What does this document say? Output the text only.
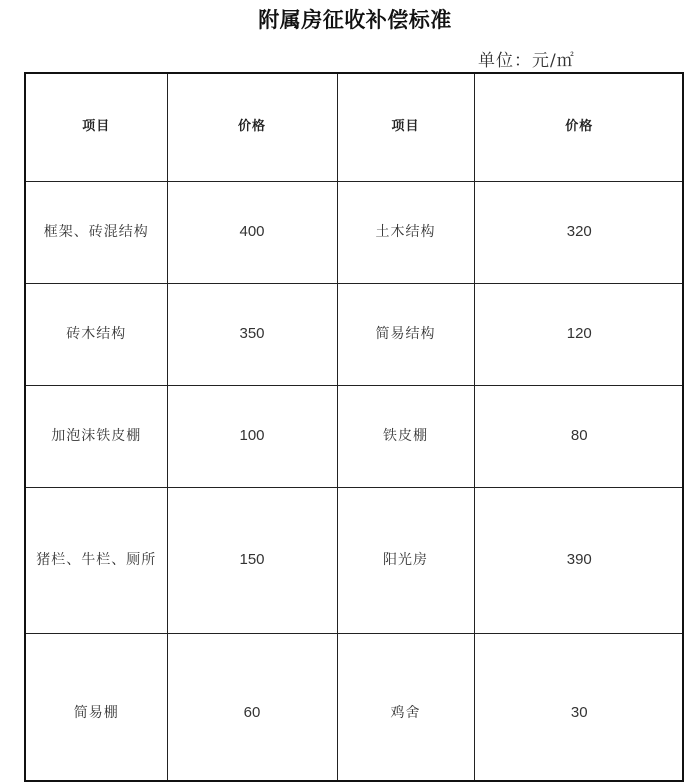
附属房征收补偿标准
单位：元/㎡
项目	价格	项目	价格
框架、砖混结构	400	土木结构	320
砖木结构	350	简易结构	120
加泡沫铁皮棚	100	铁皮棚	80
猪栏、牛栏、厕所	150	阳光房	390
简易棚	60	鸡舍	30
